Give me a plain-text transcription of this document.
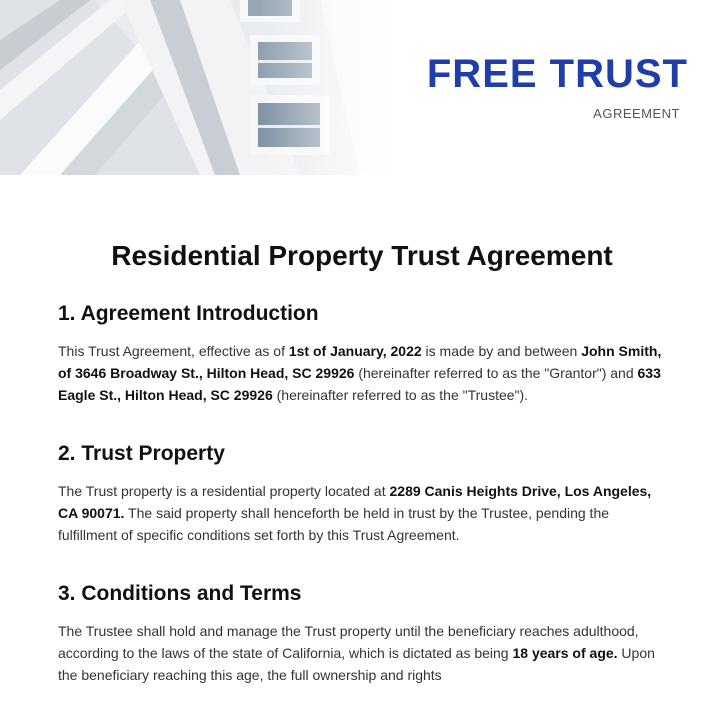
FREE TRUST
AGREEMENT
Residential Property Trust Agreement
1. Agreement Introduction

This Trust Agreement, effective as of 1st of January, 2022 is made by and between John Smith, of 3646 Broadway St., Hilton Head, SC 29926 (hereinafter referred to as the "Grantor") and 633 Eagle St., Hilton Head, SC 29926 (hereinafter referred to as the "Trustee").

2. Trust Property

The Trust property is a residential property located at 2289 Canis Heights Drive, Los Angeles, CA 90071. The said property shall henceforth be held in trust by the Trustee, pending the fulfillment of specific conditions set forth by this Trust Agreement.

3. Conditions and Terms

The Trustee shall hold and manage the Trust property until the beneficiary reaches adulthood, according to the laws of the state of California, which is dictated as being 18 years of age. Upon the beneficiary reaching this age, the full ownership and rights
